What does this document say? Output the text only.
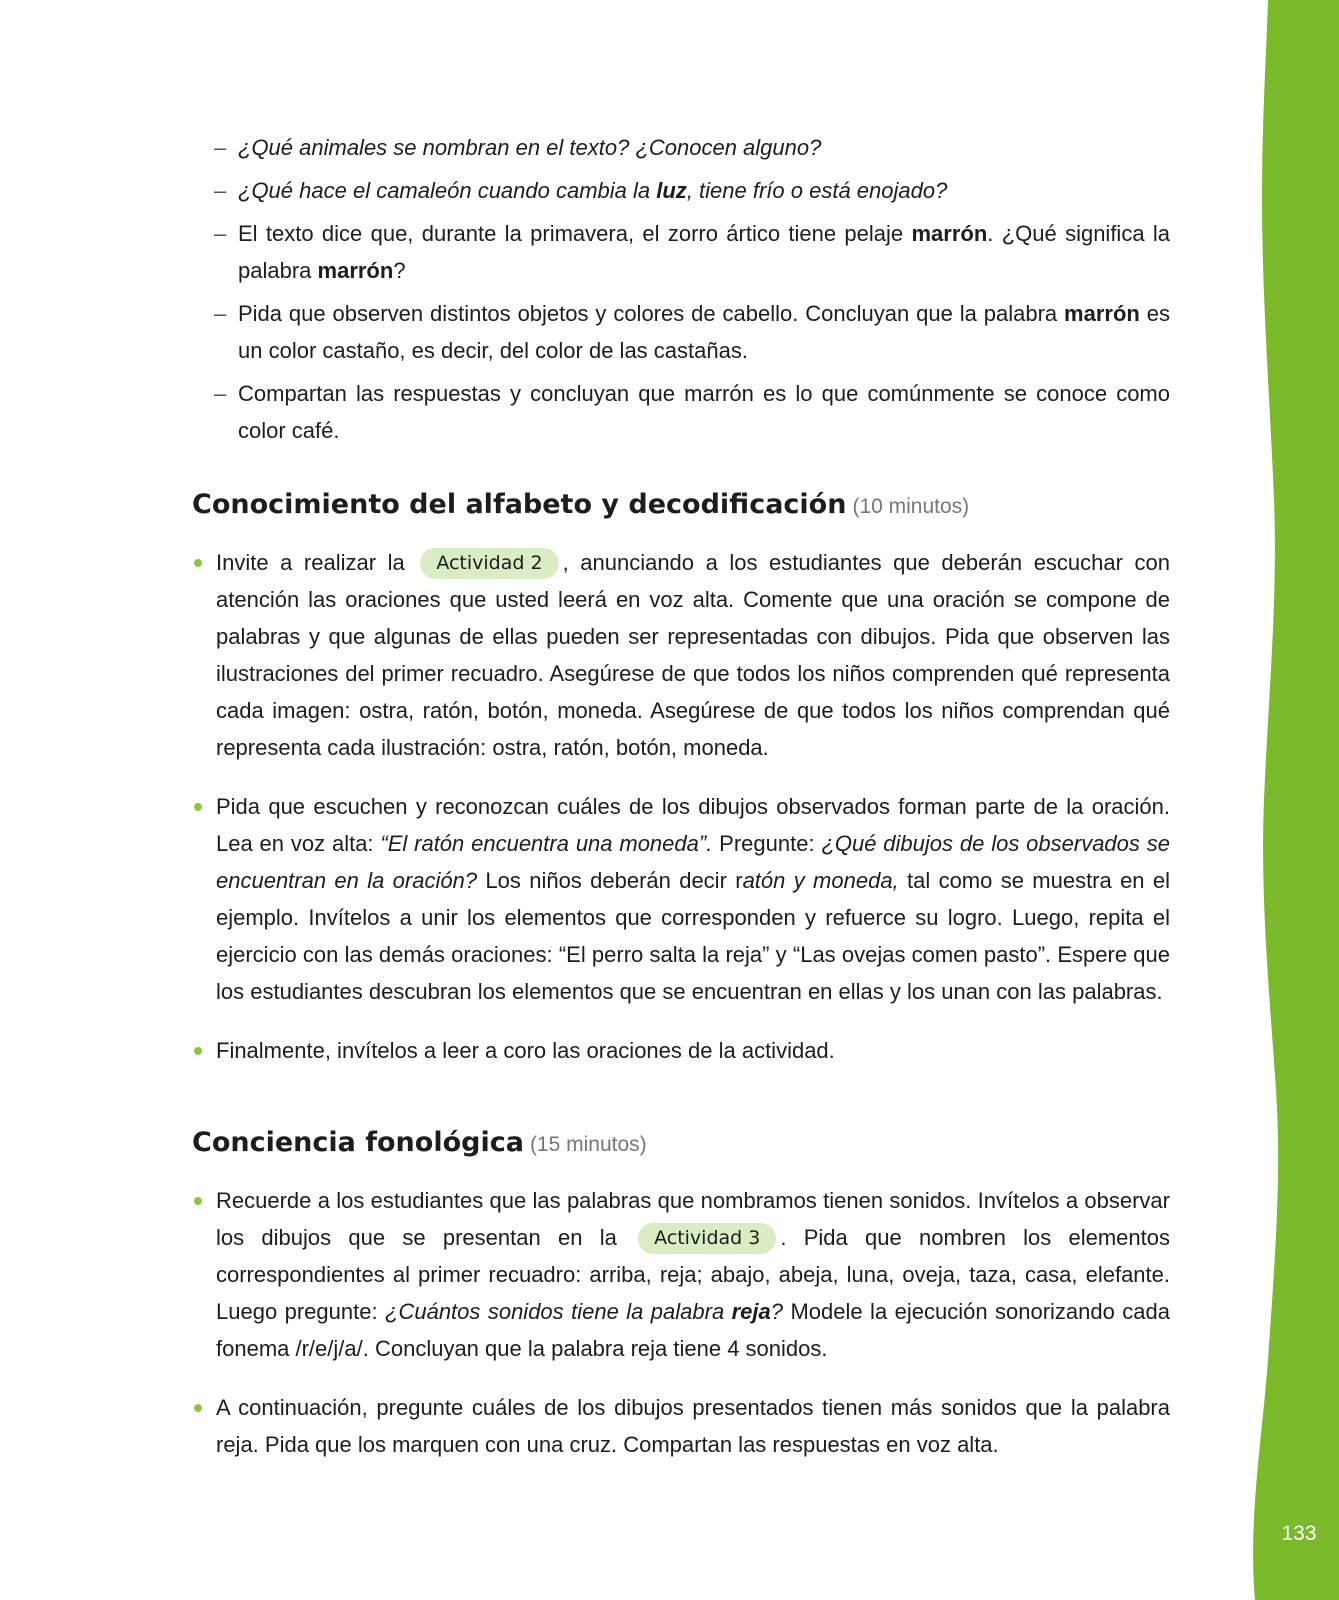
133
– ¿Qué animales se nombran en el texto? ¿Conocen alguno?
– ¿Qué hace el camaleón cuando cambia la luz, tiene frío o está enojado?
– El texto dice que, durante la primavera, el zorro ártico tiene pelaje marrón. ¿Qué significa la palabra marrón?
– Pida que observen distintos objetos y colores de cabello. Concluyan que la palabra marrón es un color castaño, es decir, del color de las castañas.
– Compartan las respuestas y concluyan que marrón es lo que comúnmente se conoce como color café.
Conocimiento del alfabeto y decodificación (10 minutos)
Invite a realizar la Actividad 2 , anunciando a los estudiantes que deberán escuchar con atención las oraciones que usted leerá en voz alta. Comente que una oración se compone de palabras y que algunas de ellas pueden ser representadas con dibujos. Pida que observen las ilustraciones del primer recuadro. Asegúrese de que todos los niños comprenden qué representa cada imagen: ostra, ratón, botón, moneda. Asegúrese de que todos los niños comprendan qué representa cada ilustración: ostra, ratón, botón, moneda.
Pida que escuchen y reconozcan cuáles de los dibujos observados forman parte de la oración. Lea en voz alta: “El ratón encuentra una moneda”. Pregunte: ¿Qué dibujos de los observados se encuentran en la oración? Los niños deberán decir ratón y moneda, tal como se muestra en el ejemplo. Invítelos a unir los elementos que corresponden y refuerce su logro. Luego, repita el ejercicio con las demás oraciones: “El perro salta la reja” y “Las ovejas comen pasto”. Espere que los estudiantes descubran los elementos que se encuentran en ellas y los unan con las palabras.
Finalmente, invítelos a leer a coro las oraciones de la actividad.
Conciencia fonológica (15 minutos)
Recuerde a los estudiantes que las palabras que nombramos tienen sonidos. Invítelos a observar los dibujos que se presentan en la Actividad 3 . Pida que nombren los elementos correspondientes al primer recuadro: arriba, reja; abajo, abeja, luna, oveja, taza, casa, elefante. Luego pregunte: ¿Cuántos sonidos tiene la palabra reja? Modele la ejecución sonorizando cada fonema /r/e/j/a/. Concluyan que la palabra reja tiene 4 sonidos.
A continuación, pregunte cuáles de los dibujos presentados tienen más sonidos que la palabra reja. Pida que los marquen con una cruz. Compartan las respuestas en voz alta.
